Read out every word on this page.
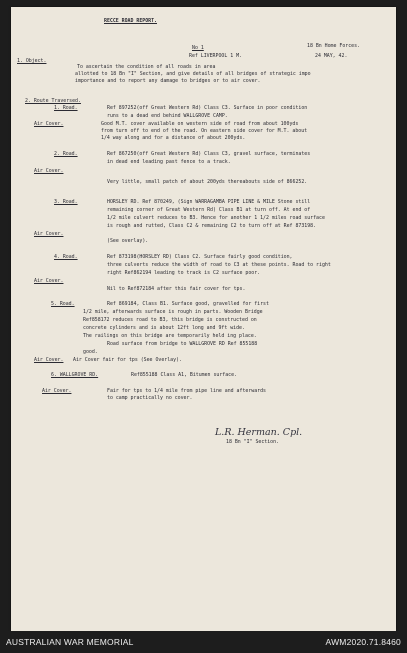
RECCE ROAD REPORT.
No 1	18 Bn Home Forces.
Ref LIVERPOOL 1 M.	24 MAY, 42.
1. Object.
To ascertain the condition of all roads in area
allotted to 18 Bn "I" Section, and give details of all bridges of strategic impo
importance and to report any damage to bridges or to air cover.
2. Route Traversed.
1. Road.	Ref 897252(off Great Western Rd) Class C3. Surface in poor condition
runs to a dead end behind WALLGROVE CAMP.
Air Cover.	Good M.T. cover available on western side of road from about 100yds
from turn off to end of the road. On eastern side cover for M.T. about
1/4 way along and for a distance of about 200yds.
2. Road.	Ref 867250(off Great Western Rd) Class C3, gravel surface, terminates
in dead end leading past fence to a track.
Air Cover.
Very little, small patch of about 200yds thereabouts side of 866252.
3. Road.	HORSLEY RD. Ref 870249, (Sign WARRAGAMBA PIPE LINE & MILE Stone still
remaining corner of Great Western Rd) Class B1 at turn off. At end of
1/2 mile culvert reduces to B3. Hence for another 1 1/2 miles road surface
is rough and rutted, Class C2 & remaining C2 to turn off at Ref 873198.
Air Cover.
(See overlay).
4. Road.	Ref 873198(HORSLEY RD) Class C2. Surface fairly good condition,
three culverts reduce the width of road to C3 at these points. Road to right
right Ref862194 leading to track is C2 surface poor.
Air Cover.
Nil to Ref872184 after this fair cover for tps.
5. Road.	Ref 869184, Class B1. Surface good, gravelled for first
1/2 mile, afterwards surface is rough in parts. Wooden Bridge
Ref858172 reduces road to B3, this bridge is constructed on
concrete cylinders and is about 12ft long and 9ft wide.
The railings on this bridge are temporarily held ing place.
Road surface from bridge to WALLGROVE RD Ref 855188
good.
Air Cover. Air Cover fair for tps (See Overlay).
6. WALLGROVE RD.	Ref855188 Class A1, Bitumen surface.
Air Cover.	Fair for tps to 1/4 mile from pipe line and afterwards
to camp practically no cover.
L.R. Herman. Cpl.
18 Bn "I" Section.
AUSTRALIAN WAR MEMORIAL	AWM2020.71.8460
